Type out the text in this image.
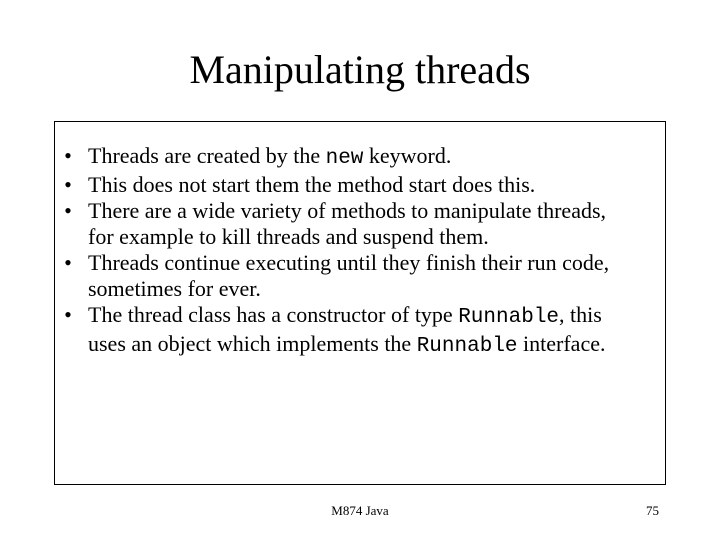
Manipulating threads
• Threads are created by the new keyword.
• This does not start them the method start does this.
• There are a wide variety of methods to manipulate threads,
for example to kill threads and suspend them.
• Threads continue executing until they finish their run code,
sometimes for ever.
• The thread class has a constructor of type Runnable, this
uses an object which implements the Runnable interface.
M874 Java	75
